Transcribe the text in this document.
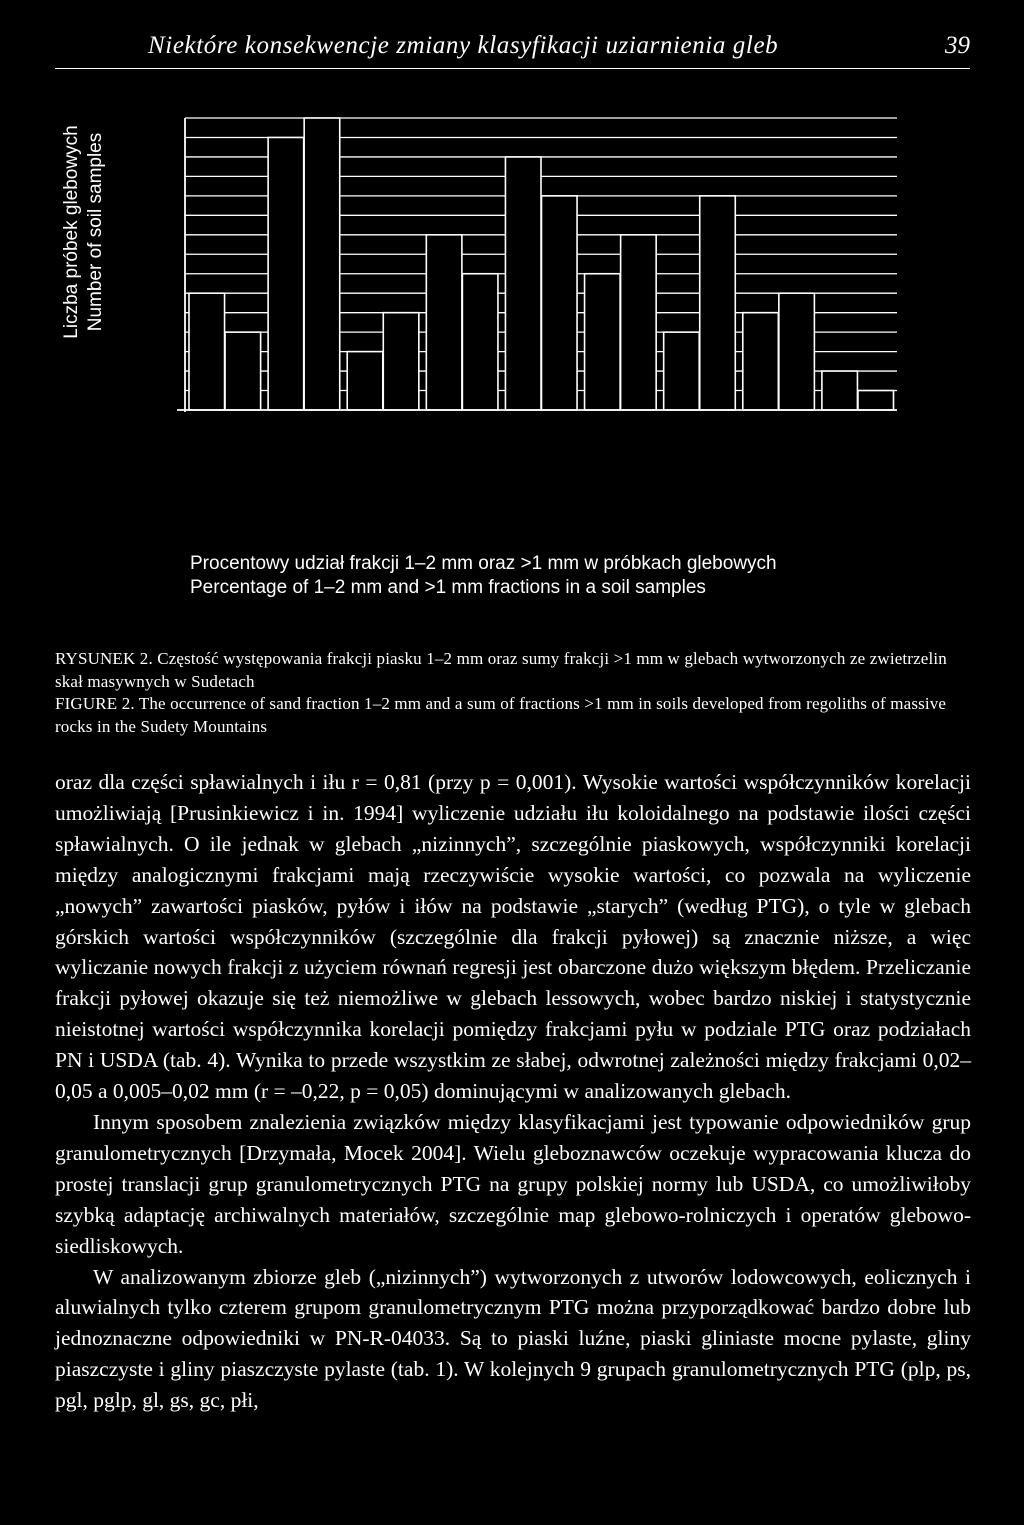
Niektóre konsekwencje zmiany klasyfikacji uziarnienia gleb	39
Liczba próbek glebowych Number of soil samples
Procentowy udział frakcji 1–2 mm oraz >1 mm w próbkach glebowych
Percentage of 1–2 mm and >1 mm fractions in a soil samples

RYSUNEK 2. Częstość występowania frakcji piasku 1–2 mm oraz sumy frakcji >1 mm w glebach wytworzonych ze zwietrzelin skał masywnych w Sudetach

FIGURE 2. The occurrence of sand fraction 1–2 mm and a sum of fractions >1 mm in soils developed from regoliths of massive rocks in the Sudety Mountains

oraz dla części spławialnych i iłu r = 0,81 (przy p = 0,001). Wysokie wartości współczynników korelacji umożliwiają [Prusinkiewicz i in. 1994] wyliczenie udziału iłu koloidalnego na podstawie ilości części spławialnych. O ile jednak w glebach „nizinnych”, szczególnie piaskowych, współczynniki korelacji między analogicznymi frakcjami mają rzeczywiście wysokie wartości, co pozwala na wyliczenie „nowych” zawartości piasków, pyłów i iłów na podstawie „starych” (według PTG), o tyle w glebach górskich wartości współczynników (szczególnie dla frakcji pyłowej) są znacznie niższe, a więc wyliczanie nowych frakcji z użyciem równań regresji jest obarczone dużo większym błędem. Przeliczanie frakcji pyłowej okazuje się też niemożliwe w glebach lessowych, wobec bardzo niskiej i statystycznie nieistotnej wartości współczynnika korelacji pomiędzy frakcjami pyłu w podziale PTG oraz podziałach PN i USDA (tab. 4). Wynika to przede wszystkim ze słabej, odwrotnej zależności między frakcjami 0,02–0,05 a 0,005–0,02 mm (r = –0,22, p = 0,05) dominującymi w analizowanych glebach.

Innym sposobem znalezienia związków między klasyfikacjami jest typowanie odpowiedników grup granulometrycznych [Drzymała, Mocek 2004]. Wielu gleboznawców oczekuje wypracowania klucza do prostej translacji grup granulometrycznych PTG na grupy polskiej normy lub USDA, co umożliwiłoby szybką adaptację archiwalnych materiałów, szczególnie map glebowo-rolniczych i operatów glebowo-siedliskowych.

W analizowanym zbiorze gleb („nizinnych”) wytworzonych z utworów lodowcowych, eolicznych i aluwialnych tylko czterem grupom granulometrycznym PTG można przyporządkować bardzo dobre lub jednoznaczne odpowiedniki w PN-R-04033. Są to piaski luźne, piaski gliniaste mocne pylaste, gliny piaszczyste i gliny piaszczyste pylaste (tab. 1). W kolejnych 9 grupach granulometrycznych PTG (plp, ps, pgl, pglp, gl, gs, gc, płi,
